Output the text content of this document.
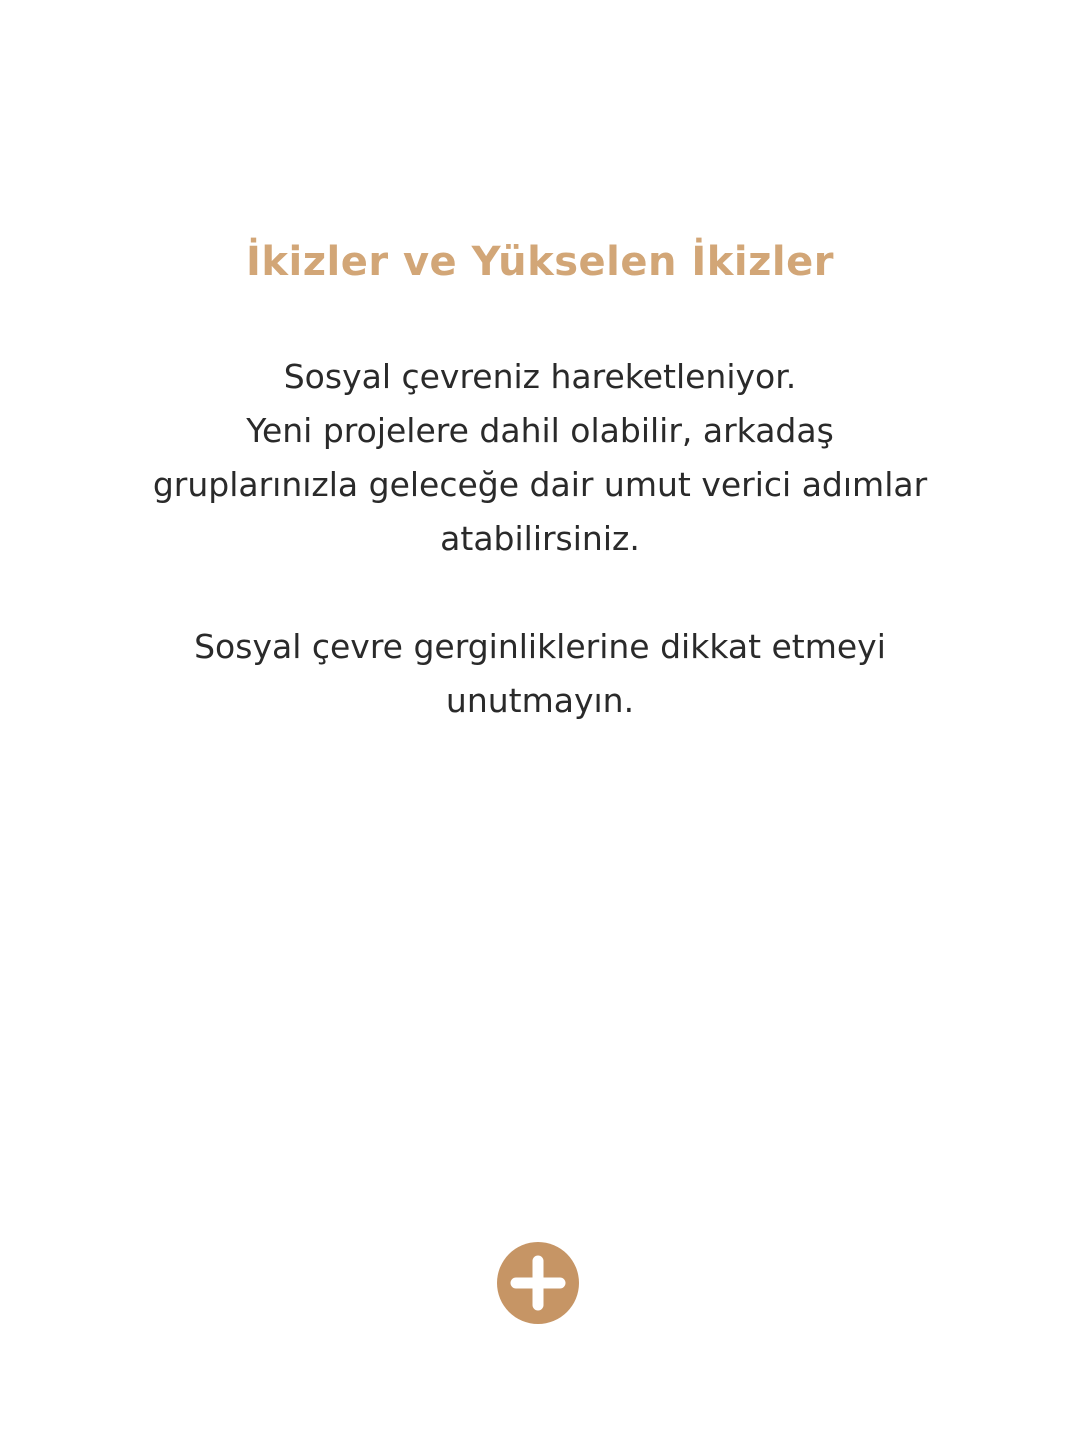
İkizler ve Yükselen İkizler
Sosyal çevreniz hareketleniyor.
Yeni projelere dahil olabilir, arkadaş
gruplarınızla geleceğe dair umut verici adımlar
atabilirsiniz.
Sosyal çevre gerginliklerine dikkat etmeyi
unutmayın.
